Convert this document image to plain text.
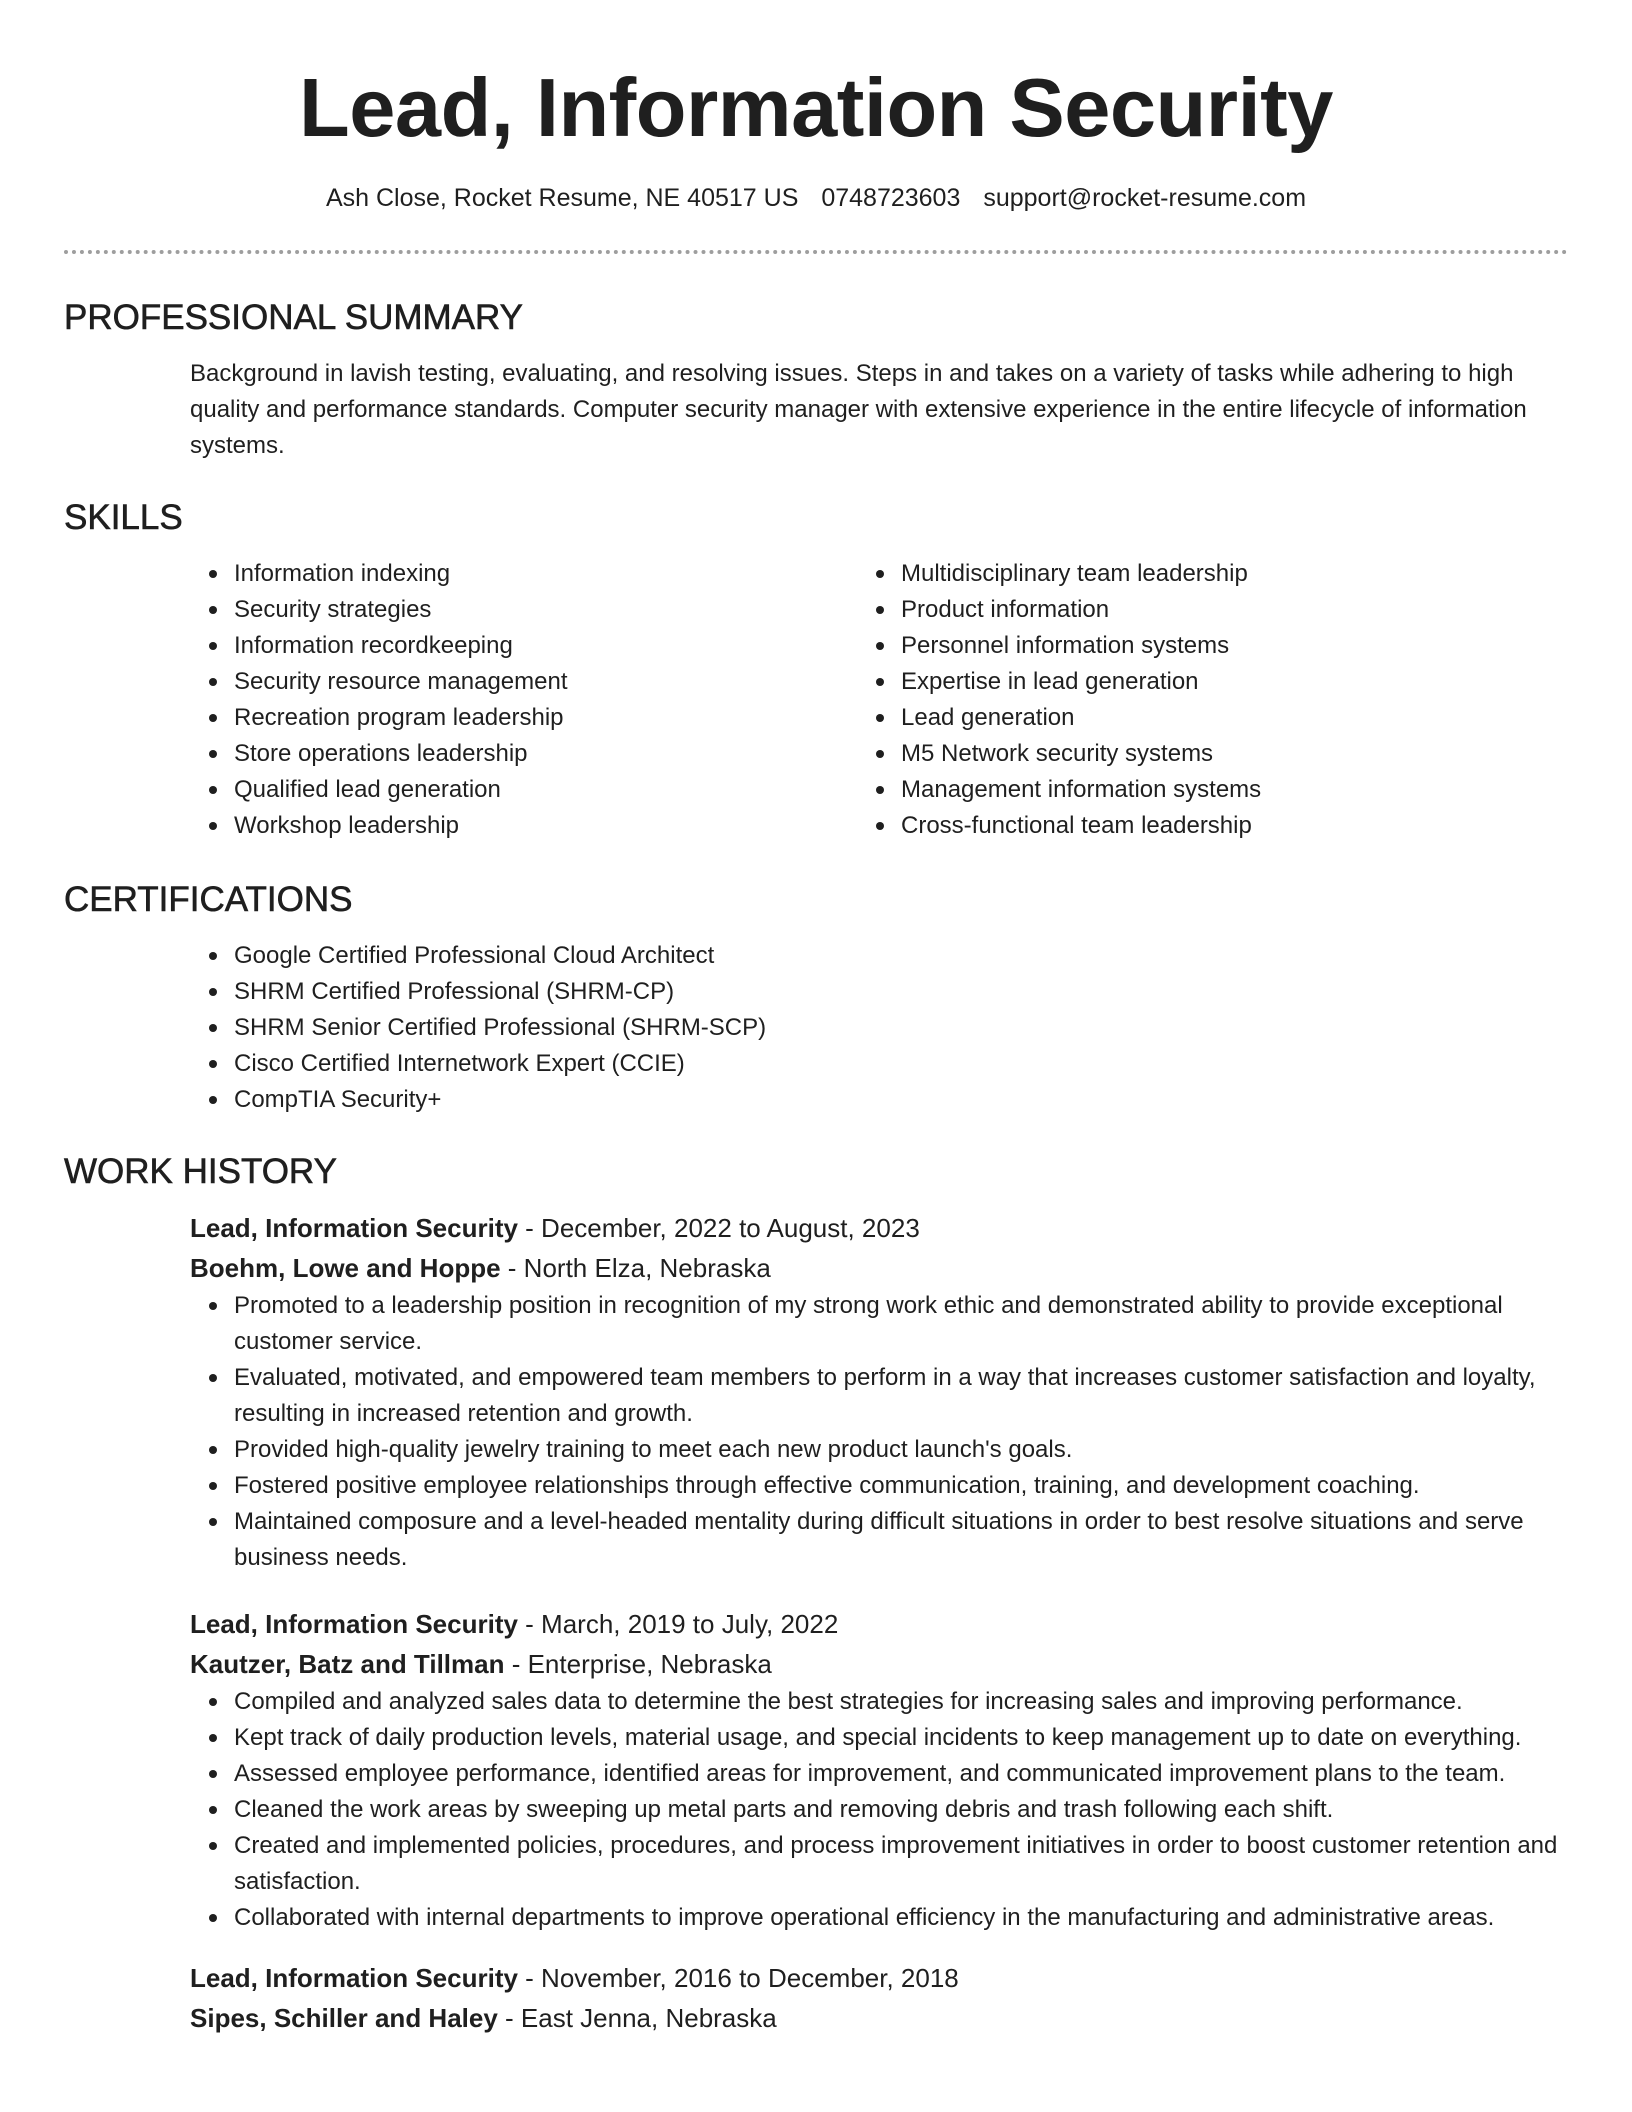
Lead, Information Security
Ash Close, Rocket Resume, NE 40517 US 0748723603 support@rocket-resume.com
PROFESSIONAL SUMMARY

Background in lavish testing, evaluating, and resolving issues. Steps in and takes on a variety of tasks while adhering to high quality and performance standards. Computer security manager with extensive experience in the entire lifecycle of information systems.

SKILLS
Information indexing
Security strategies
Information recordkeeping
Security resource management
Recreation program leadership
Store operations leadership
Qualified lead generation
Workshop leadership
Multidisciplinary team leadership
Product information
Personnel information systems
Expertise in lead generation
Lead generation
M5 Network security systems
Management information systems
Cross-functional team leadership
CERTIFICATIONS
Google Certified Professional Cloud Architect
SHRM Certified Professional (SHRM-CP)
SHRM Senior Certified Professional (SHRM-SCP)
Cisco Certified Internetwork Expert (CCIE)
CompTIA Security+
WORK HISTORY

Lead, Information Security - December, 2022 to August, 2023

Boehm, Lowe and Hoppe - North Elza, Nebraska

Promoted to a leadership position in recognition of my strong work ethic and demonstrated ability to provide exceptional customer service.
Evaluated, motivated, and empowered team members to perform in a way that increases customer satisfaction and loyalty, resulting in increased retention and growth.
Provided high-quality jewelry training to meet each new product launch's goals.
Fostered positive employee relationships through effective communication, training, and development coaching.
Maintained composure and a level-headed mentality during difficult situations in order to best resolve situations and serve business needs.

Lead, Information Security - March, 2019 to July, 2022

Kautzer, Batz and Tillman - Enterprise, Nebraska

Compiled and analyzed sales data to determine the best strategies for increasing sales and improving performance.
Kept track of daily production levels, material usage, and special incidents to keep management up to date on everything.
Assessed employee performance, identified areas for improvement, and communicated improvement plans to the team.
Cleaned the work areas by sweeping up metal parts and removing debris and trash following each shift.
Created and implemented policies, procedures, and process improvement initiatives in order to boost customer retention and satisfaction.
Collaborated with internal departments to improve operational efficiency in the manufacturing and administrative areas.

Lead, Information Security - November, 2016 to December, 2018

Sipes, Schiller and Haley - East Jenna, Nebraska
